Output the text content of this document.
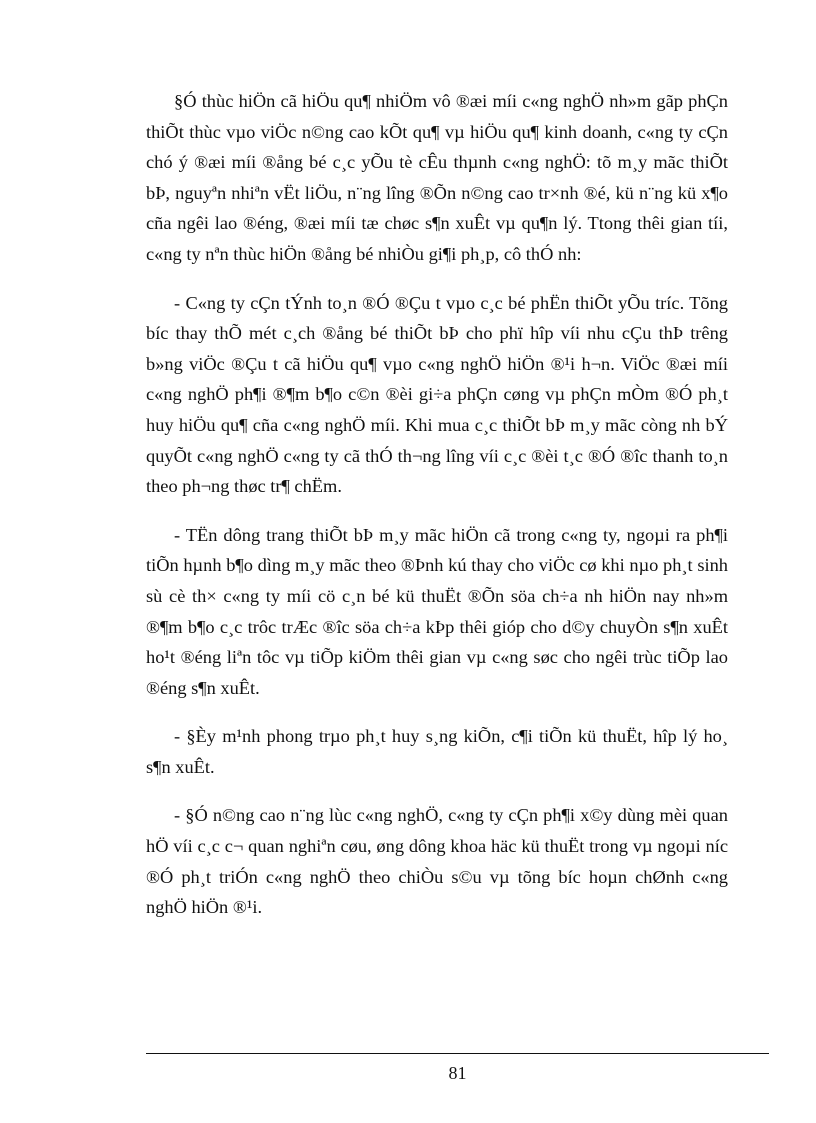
§Ó thùc hiÖn cã hiÖu qu¶ nhiÖm vô ®æi míi c«ng nghÖ nh»m gãp phÇn thiÕt thùc vµo viÖc n©ng cao kÕt qu¶ vµ hiÖu qu¶ kinh doanh, c«ng ty cÇn chó ý ®æi míi ®ång bé c¸c yÕu tè cÊu thµnh c«ng nghÖ: tõ m¸y mãc thiÕt bÞ, nguyªn nhiªn vËt liÖu, n¨ng lîng ®Õn n©ng cao tr×nh ®é, kü n¨ng kü x¶o cña ngêi lao ®éng, ®æi míi tæ chøc s¶n xuÊt vµ qu¶n lý. Ttong thêi gian tíi, c«ng ty nªn thùc hiÖn ®ång bé nhiÒu gi¶i ph¸p, cô thÓ nh:

- C«ng ty cÇn tÝnh to¸n ®Ó ®Çu t vµo c¸c bé phËn thiÕt yÕu tríc. Tõng bíc thay thÕ mét c¸ch ®ång bé thiÕt bÞ cho phï hîp víi nhu cÇu thÞ trêng b»ng viÖc ®Çu t cã hiÖu qu¶ vµo c«ng nghÖ hiÖn ®¹i h¬n. ViÖc ®æi míi c«ng nghÖ ph¶i ®¶m b¶o c©n ®èi gi÷a phÇn cøng vµ phÇn mÒm ®Ó ph¸t huy hiÖu qu¶ cña c«ng nghÖ míi. Khi mua c¸c thiÕt bÞ m¸y mãc còng nh bÝ quyÕt c«ng nghÖ c«ng ty cã thÓ th¬ng lîng víi c¸c ®èi t¸c ®Ó ®îc thanh to¸n theo ph¬ng thøc tr¶ chËm.

- TËn dông trang thiÕt bÞ m¸y mãc hiÖn cã trong c«ng ty, ngoµi ra ph¶i tiÕn hµnh b¶o dìng m¸y mãc theo ®Þnh kú thay cho viÖc cø khi nµo ph¸t sinh sù cè th× c«ng ty míi cö c¸n bé kü thuËt ®Õn söa ch÷a nh hiÖn nay nh»m ®¶m b¶o c¸c trôc trÆc ®îc söa ch÷a kÞp thêi gióp cho d©y chuyÒn s¶n xuÊt ho¹t ®éng liªn tôc vµ tiÕp kiÖm thêi gian vµ c«ng søc cho ngêi trùc tiÕp lao ®éng s¶n xuÊt.

- §Èy m¹nh phong trµo ph¸t huy s¸ng kiÕn, c¶i tiÕn kü thuËt, hîp lý ho¸ s¶n xuÊt.

- §Ó n©ng cao n¨ng lùc c«ng nghÖ, c«ng ty cÇn ph¶i x©y dùng mèi quan hÖ víi c¸c c¬ quan nghiªn cøu, øng dông khoa häc kü thuËt trong vµ ngoµi níc ®Ó ph¸t triÓn c«ng nghÖ theo chiÒu s©u vµ tõng bíc hoµn chØnh c«ng nghÖ hiÖn ®¹i.

81
